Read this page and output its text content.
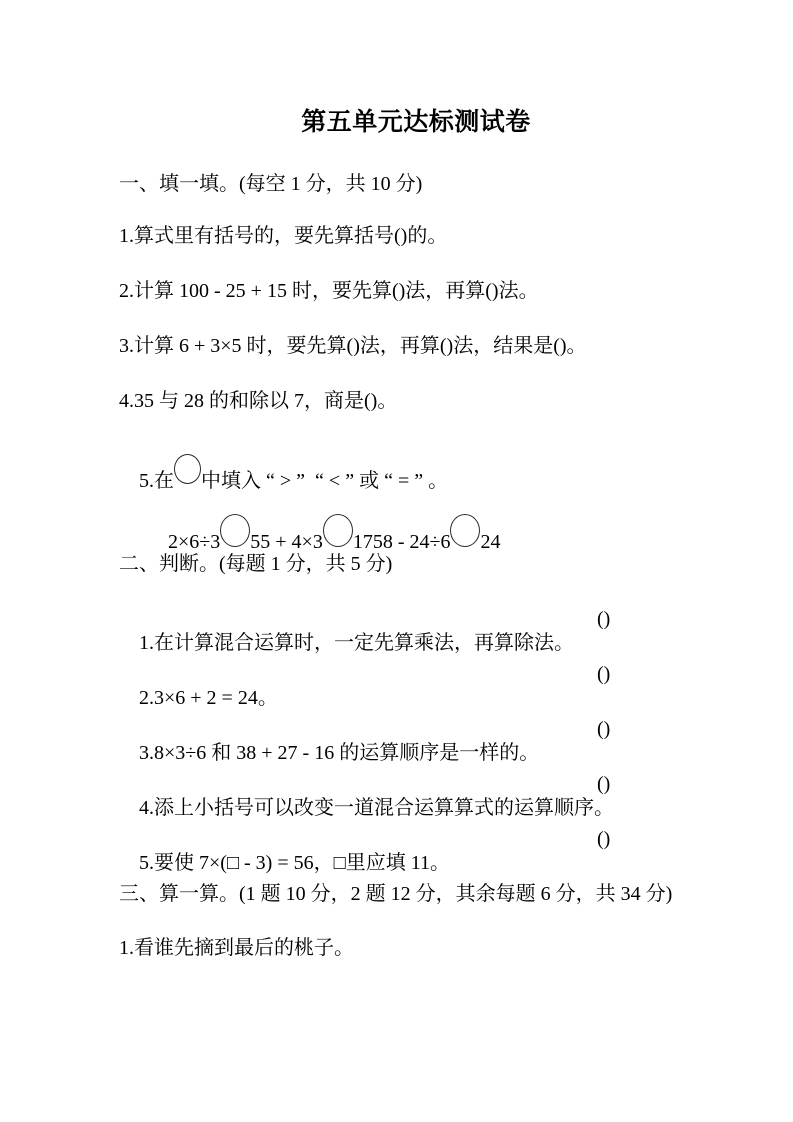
第五单元达标测试卷
一、填一填。(每空 1 分，共 10 分)
1.算式里有括号的，要先算括号()的。
2.计算 100 - 25 + 15 时，要先算()法，再算()法。
3.计算 6 + 3×5 时，要先算()法，再算()法，结果是()。
4.35 与 28 的和除以 7，商是()。

5.在 中填入 “ > ”  “ < ” 或 “ = ” 。

2×6÷3 55 + 4×3 1758 - 24÷6 24

二、判断。(每题 1 分，共 5 分)

1.在计算混合运算时，一定先算乘法，再算除法。

()

2.3×6 + 2 = 24。

()

3.8×3÷6 和 38 + 27 - 16 的运算顺序是一样的。

()

4.添上小括号可以改变一道混合运算算式的运算顺序。

()

5.要使 7×(□ - 3) = 56，□里应填 11。

()

三、算一算。(1 题 10 分，2 题 12 分，其余每题 6 分，共 34 分)
1.看谁先摘到最后的桃子。
